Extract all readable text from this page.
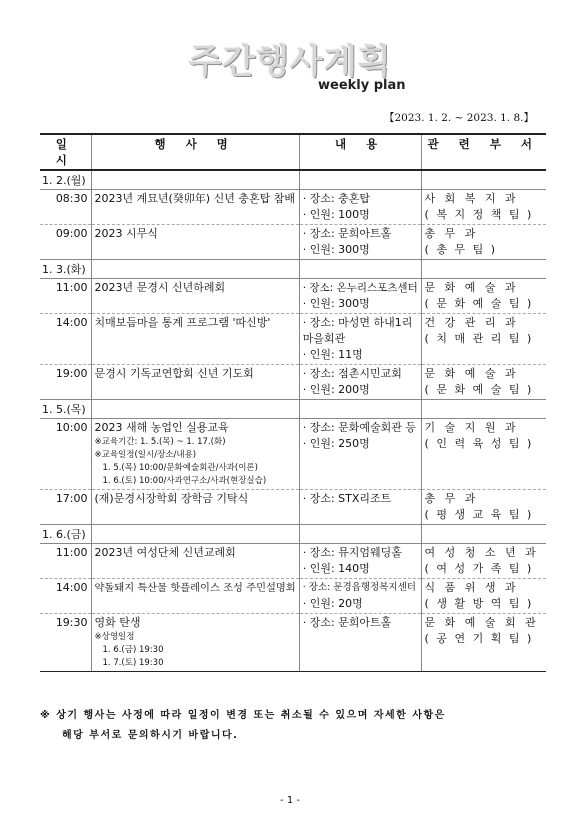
주간행사계획
weekly plan
【2023. 1. 2. ~ 2023. 1. 8.】
일 시	행 사 명	내 용	관 련 부 서
1. 2.(월)			

08:30	2023년 계묘년(癸卯年) 신년 충혼탑 참배	· 장소: 충혼탑
· 인원: 100명	사 회 복 지 과
( 복 지 정 책 팀 )

09:00	2023 시무식	· 장소: 문희아트홀
· 인원: 300명	총 무 과
( 총 무 팀 )

1. 3.(화)			

11:00	2023년 문경시 신년하례회	· 장소: 온누리스포츠센터
· 인원: 300명	문 화 예 술 과
( 문 화 예 술 팀 )

14:00	치매보듬마을 통계 프로그램 '따신방'	· 장소: 마성면 하내1리
마을회관
· 인원: 11명	건 강 관 리 과
( 치 매 관 리 팀 )

19:00	문경시 기독교연합회 신년 기도회	· 장소: 점촌시민교회
· 인원: 200명	문 화 예 술 과
( 문 화 예 술 팀 )

1. 5.(목)			

10:00	2023 새해 농업인 실용교육
※교육기간: 1. 5.(목) ~ 1. 17.(화)
※교육일정(일시/장소/내용)
1. 5.(목) 10:00/문화예술회관/사과(이론)
1. 6.(토) 10:00/사과연구소/사과(현장실습)	· 장소: 문화예술회관 등
· 인원: 250명	기 술 지 원 과
( 인 력 육 성 팀 )

17:00	(재)문경시장학회 장학금 기탁식	· 장소: STX리조트	총 무 과
( 평 생 교 육 팀 )

1. 6.(금)			

11:00	2023년 여성단체 신년교례회	· 장소: 뮤지엄웨딩홀
· 인원: 140명	여 성 청 소 년 과
( 여 성 가 족 팀 )

14:00	약돌돼지 특산물 핫플레이스 조성 주민설명회	· 장소: 문경읍행정복지센터
· 인원: 20명	식 품 위 생 과
( 생 활 방 역 팀 )

19:30	영화 탄생
※상영일정
1. 6.(금) 19:30
1. 7.(토) 19:30	· 장소: 문희아트홀	문 화 예 술 회 관
( 공 연 기 획 팀 )
※ 상기 행사는 사정에 따라 일정이 변경 또는 취소될 수 있으며 자세한 사항은
해당 부서로 문의하시기 바랍니다.
- 1 -
